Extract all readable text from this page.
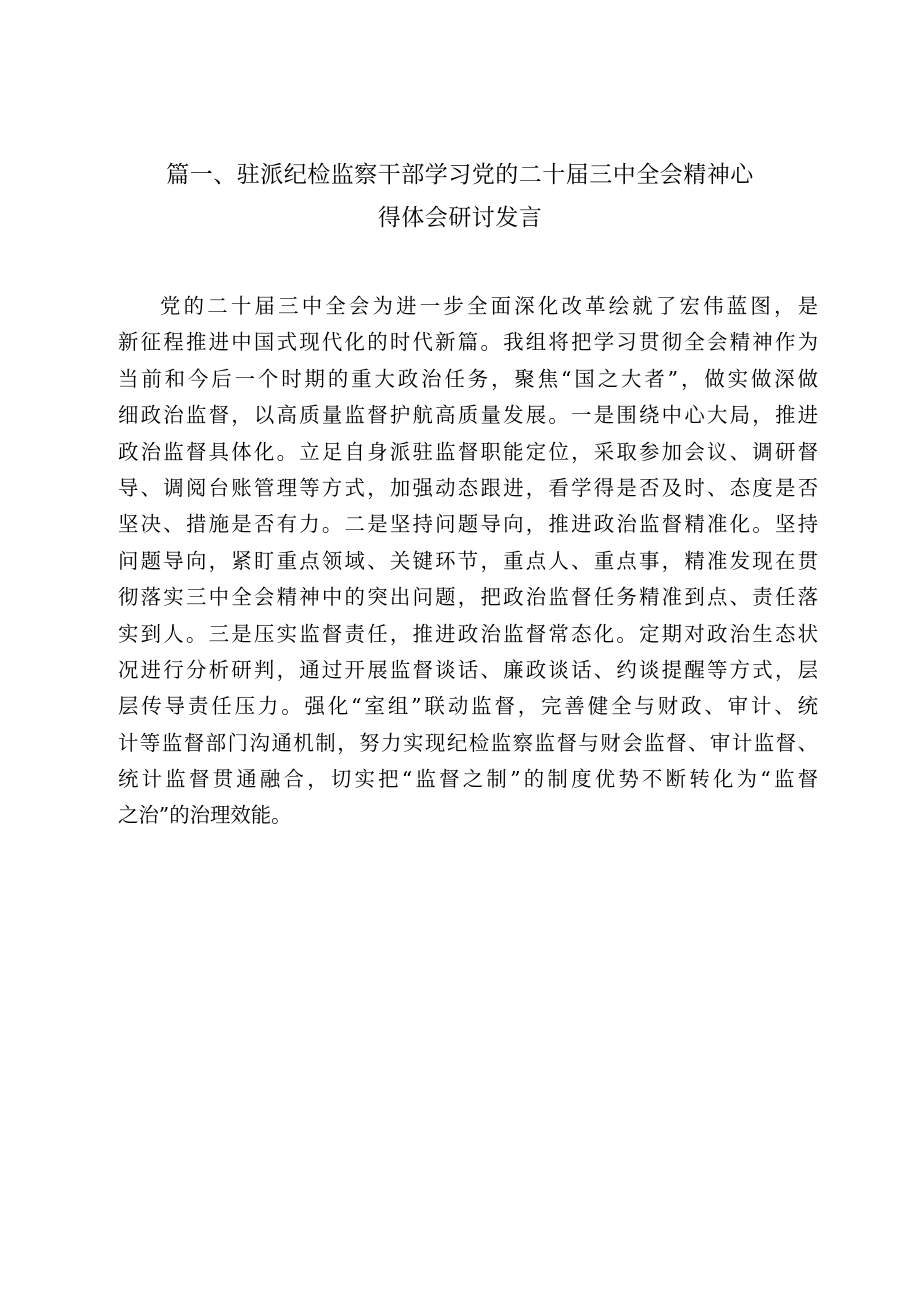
篇一、驻派纪检监察干部学习党的二十届三中全会精神心
得体会研讨发言
党的二十届三中全会为进一步全面深化改革绘就了宏伟蓝图，是
新征程推进中国式现代化的时代新篇。我组将把学习贯彻全会精神作为
当前和今后一个时期的重大政治任务，聚焦“国之大者”，做实做深做
细政治监督，以高质量监督护航高质量发展。一是围绕中心大局，推进
政治监督具体化。立足自身派驻监督职能定位，采取参加会议、调研督
导、调阅台账管理等方式，加强动态跟进，看学得是否及时、态度是否
坚决、措施是否有力。二是坚持问题导向，推进政治监督精准化。坚持
问题导向，紧盯重点领域、关键环节，重点人、重点事，精准发现在贯
彻落实三中全会精神中的突出问题，把政治监督任务精准到点、责任落
实到人。三是压实监督责任，推进政治监督常态化。定期对政治生态状
况进行分析研判，通过开展监督谈话、廉政谈话、约谈提醒等方式，层
层传导责任压力。强化“室组”联动监督，完善健全与财政、审计、统
计等监督部门沟通机制，努力实现纪检监察监督与财会监督、审计监督、
统计监督贯通融合，切实把“监督之制”的制度优势不断转化为“监督
之治”的治理效能。
